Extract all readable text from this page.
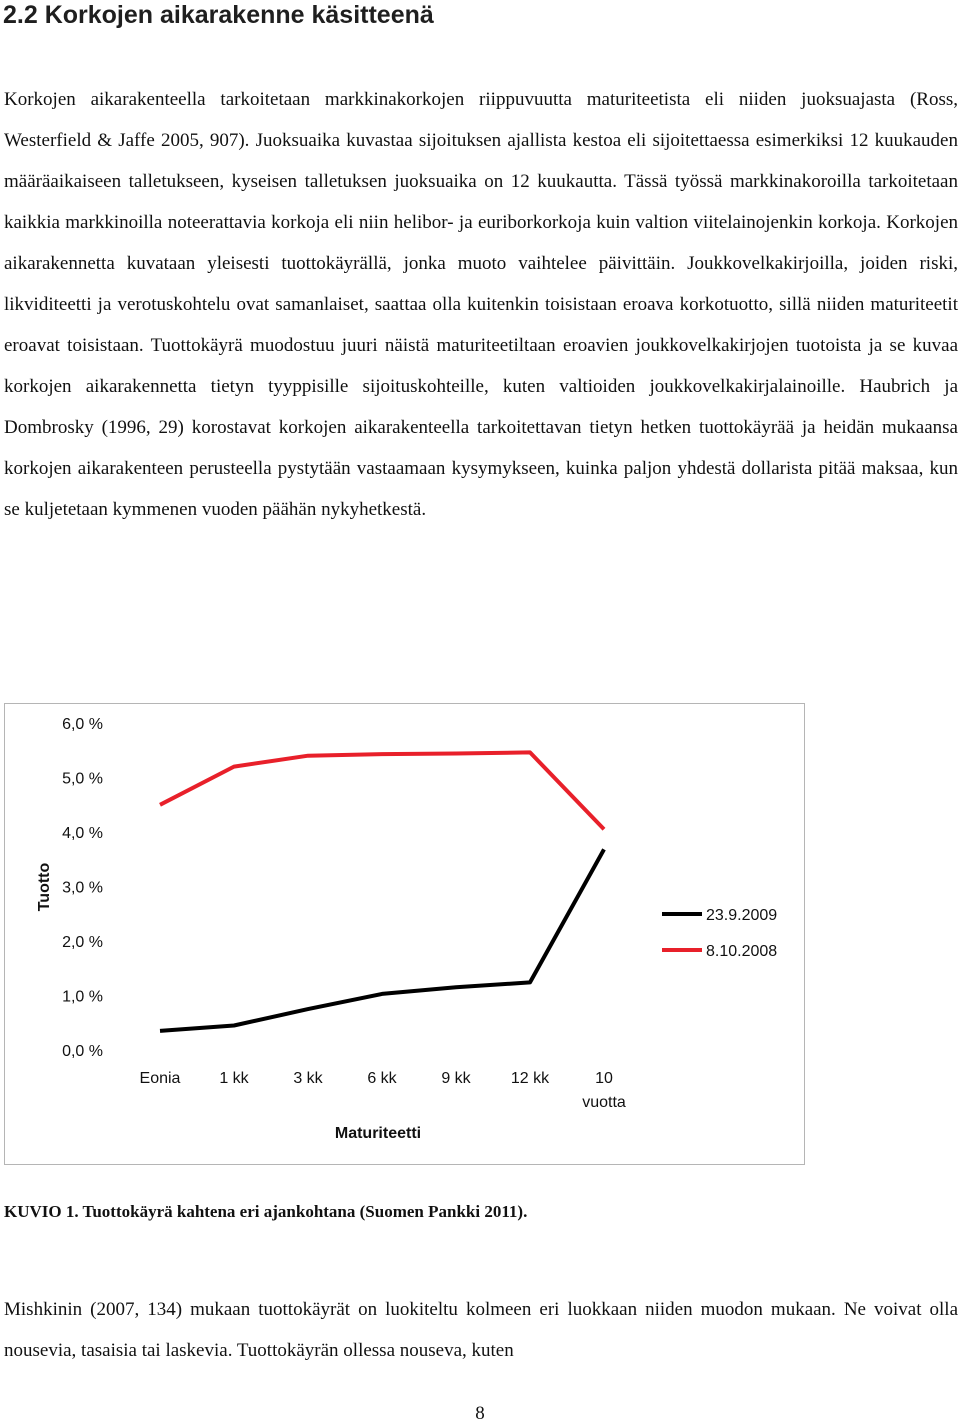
2.2 Korkojen aikarakenne käsitteenä

Korkojen aikarakenteella tarkoitetaan markkinakorkojen riippuvuutta maturiteetista eli niiden juoksuajasta (Ross, Westerfield & Jaffe 2005, 907). Juoksuaika kuvastaa sijoituksen ajallista kestoa eli sijoitettaessa esimerkiksi 12 kuukauden määräaikaiseen talletukseen, kyseisen talletuksen juoksuaika on 12 kuukautta. Tässä työssä markkinakoroilla tarkoitetaan kaikkia markkinoilla noteerattavia korkoja eli niin helibor- ja euriborkorkoja kuin valtion viitelainojenkin korkoja. Korkojen aikarakennetta kuvataan yleisesti tuottokäyrällä, jonka muoto vaihtelee päivittäin. Joukkovelkakirjoilla, joiden riski, likviditeetti ja verotuskohtelu ovat samanlaiset, saattaa olla kuitenkin toisistaan eroava korkotuotto, sillä niiden maturiteetit eroavat toisistaan. Tuottokäyrä muodostuu juuri näistä maturiteetiltaan eroavien joukkovelkakirjojen tuotoista ja se kuvaa korkojen aikarakennetta tietyn tyyppisille sijoituskohteille, kuten valtioiden joukkovelkakirjalainoille. Haubrich ja Dombrosky (1996, 29) korostavat korkojen aikarakenteella tarkoitettavan tietyn hetken tuottokäyrää ja heidän mukaansa korkojen aikarakenteen perusteella pystytään vastaamaan kysymykseen, kuinka paljon yhdestä dollarista pitää maksaa, kun se kuljetetaan kymmenen vuoden päähän nykyhetkestä.

0,0 %
1,0 %
2,0 %
3,0 %
4,0 %
5,0 %
6,0 %
Tuotto
Eonia 1 kk	3 kk	6 kk	9 kk	12 kk	10
vuotta
Maturiteetti
23.9.2009
8.10.2008

KUVIO 1. Tuottokäyrä kahtena eri ajankohtana (Suomen Pankki 2011).

Mishkinin (2007, 134) mukaan tuottokäyrät on luokiteltu kolmeen eri luokkaan niiden muodon mukaan. Ne voivat olla nousevia, tasaisia tai laskevia. Tuottokäyrän ollessa nouseva, kuten

8
